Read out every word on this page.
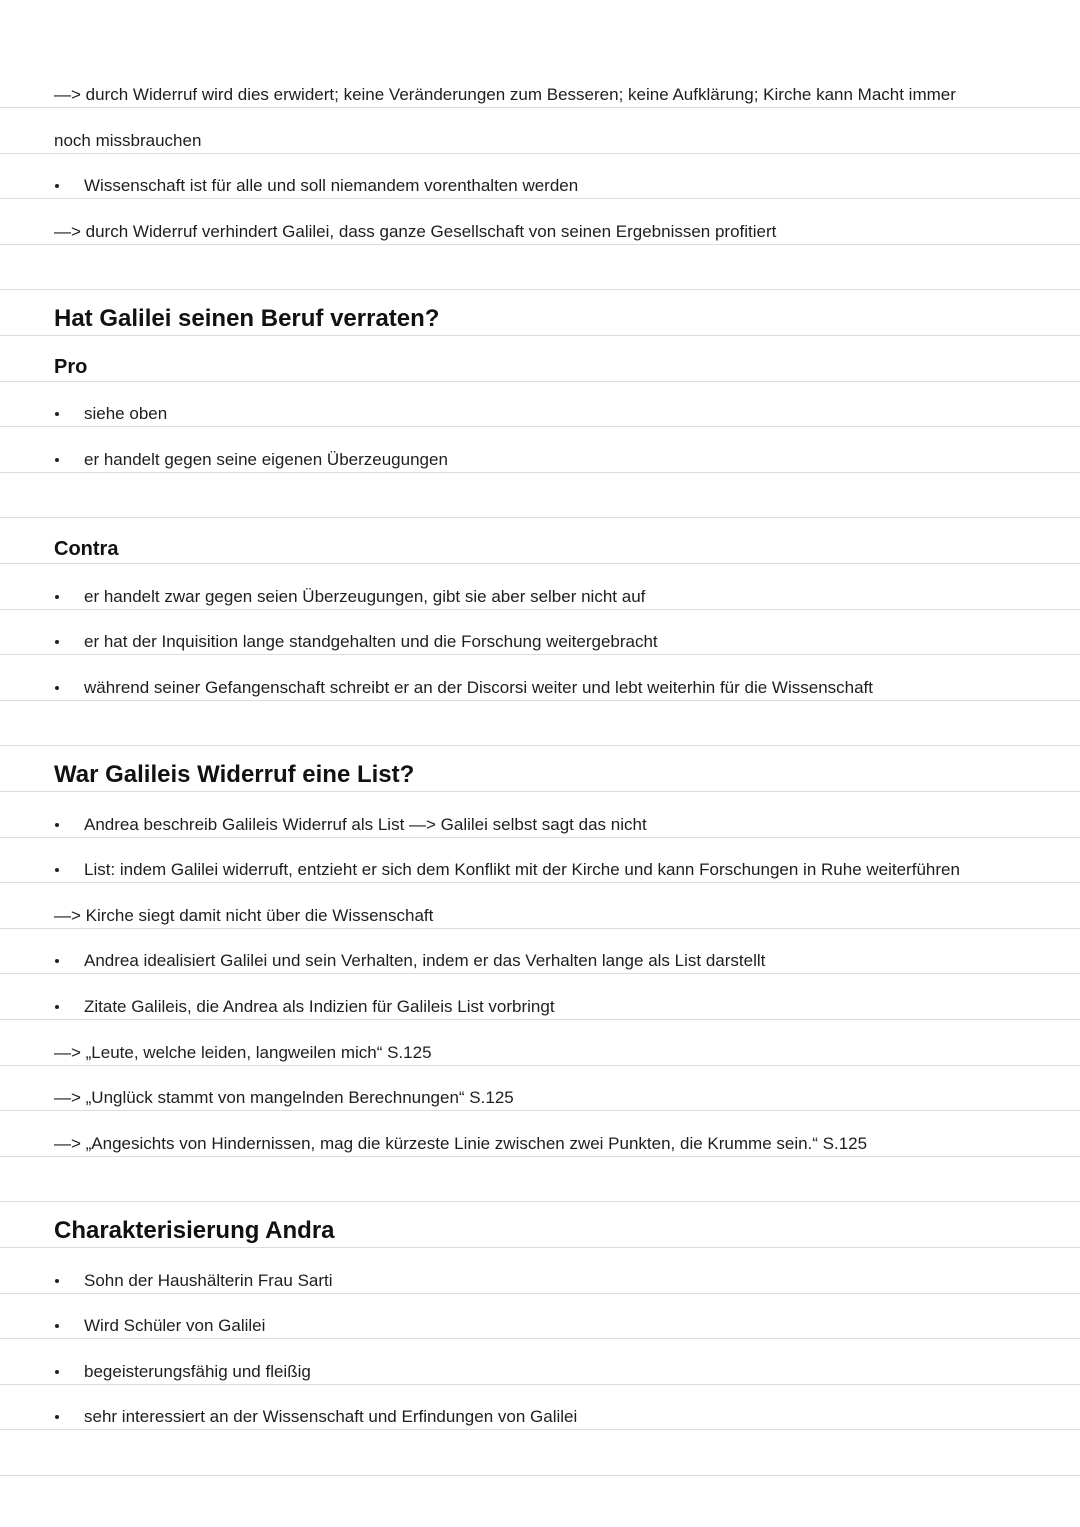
—> durch Widerruf wird dies erwidert; keine Veränderungen zum Besseren; keine Aufklärung; Kirche kann Macht immer
noch missbrauchen
Wissenschaft ist für alle und soll niemandem vorenthalten werden
—> durch Widerruf verhindert Galilei, dass ganze Gesellschaft von seinen Ergebnissen profitiert
Hat Galilei seinen Beruf verraten?
Pro
siehe oben
er handelt gegen seine eigenen Überzeugungen
Contra
er handelt zwar gegen seien Überzeugungen, gibt sie aber selber nicht auf
er hat der Inquisition lange standgehalten und die Forschung weitergebracht
während seiner Gefangenschaft schreibt er an der Discorsi weiter und lebt weiterhin für die Wissenschaft
War Galileis Widerruf eine List?
Andrea beschreib Galileis Widerruf als List —> Galilei selbst sagt das nicht
List: indem Galilei widerruft, entzieht er sich dem Konflikt mit der Kirche und kann Forschungen in Ruhe weiterführen
—> Kirche siegt damit nicht über die Wissenschaft
Andrea idealisiert Galilei und sein Verhalten, indem er das Verhalten lange als List darstellt
Zitate Galileis, die Andrea als Indizien für Galileis List vorbringt
—> „Leute, welche leiden, langweilen mich“ S.125
—> „Unglück stammt von mangelnden Berechnungen“ S.125
—> „Angesichts von Hindernissen, mag die kürzeste Linie zwischen zwei Punkten, die Krumme sein.“ S.125
Charakterisierung Andra
Sohn der Haushälterin Frau Sarti
Wird Schüler von Galilei
begeisterungsfähig und fleißig
sehr interessiert an der Wissenschaft und Erfindungen von Galilei
